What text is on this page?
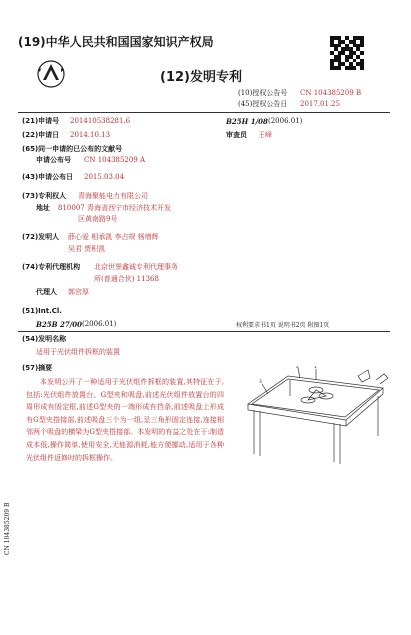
(19)中华人民共和国国家知识产权局
(12)发明专利
(10)授权公告号 CN 104385209 B
(45)授权公告日 2017.01.25
(21)申请号 201410538281.6
(22)申请日 2014.10.13
(65)同一申请的已公布的文献号
申请公布号 CN 104385209 A
(43)申请公布日 2015.03.04
(73)专利权人 青海聚能电力有限公司
地址 810007 青海省西宁市经济技术开发
区黄南路9号
(72)发明人 薛心爱 相承凯 李占规 杨增辉
吴君 贾积凯
(74)专利代理机构 北京世誉鑫诚专利代理事务
所(普通合伙) 11368
代理人 郭官厚
(51)Int.Cl.
B25B 27/00 (2006.01)
B25H 1/08 (2006.01)
审查员 王峰
权利要求书1页 说明书2页 附图1页
(54)发明名称
适用于光伏组件拆框的装置
(57)摘要
本发明公开了一种适用于光伏组件拆框的装置,其特征在于,包括:光伏组件放置台、G型夹和吸盘,前述光伏组件放置台的四周形成有固定框,前述G型夹的一端形成有挡条,前述吸盘上形成有G型夹搭接部,前述吸盘三个为一组,呈三角形固定连接,连接相邻两个吸盘的横梁为G型夹搭接部。本发明的有益之处在于:制造成本低,操作简单,使用安全,无能源消耗,能方便挪动,适用于各种光伏组件返修时的拆框操作。
2	1
3
CN 104385209 B
